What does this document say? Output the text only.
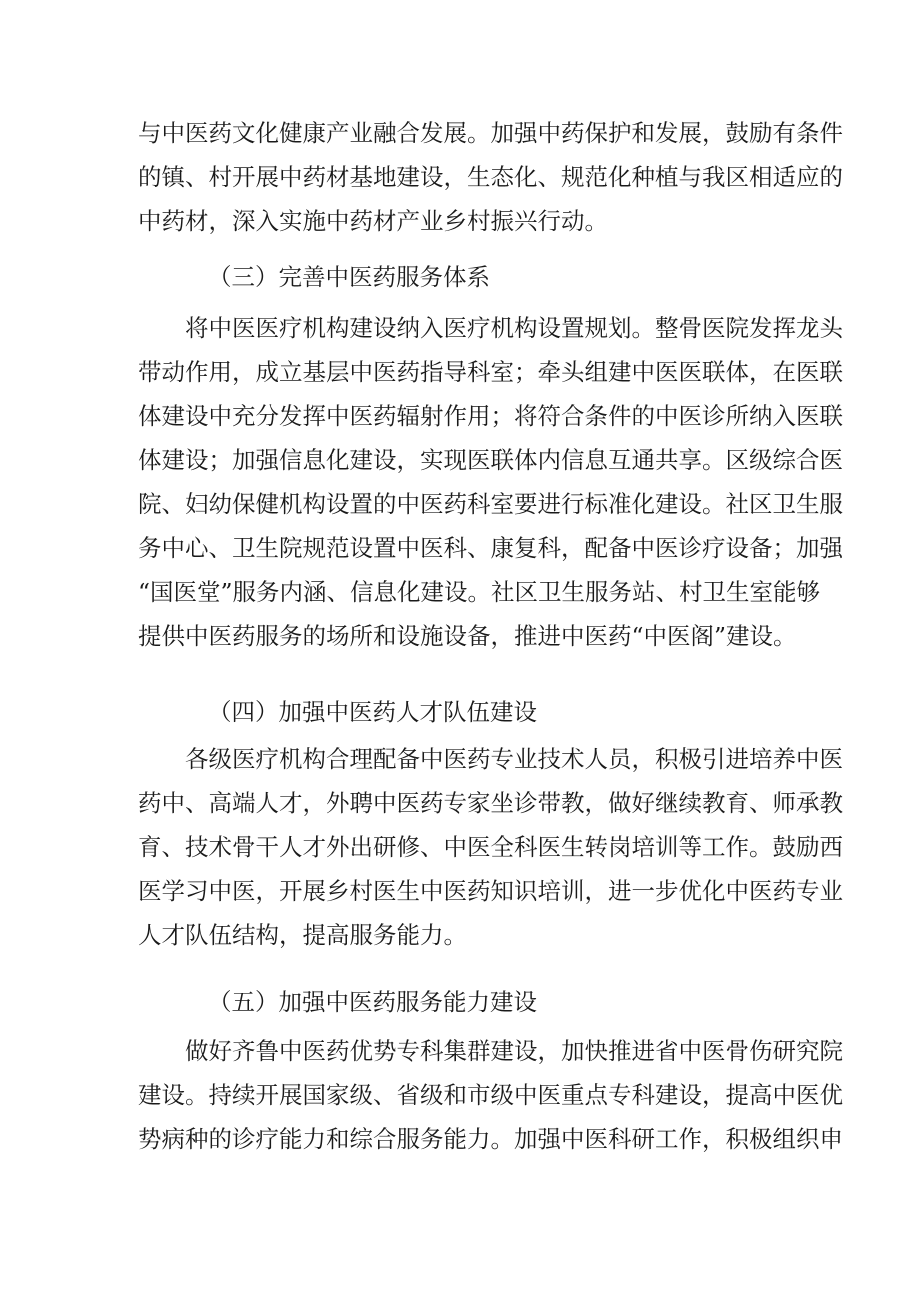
与中医药文化健康产业融合发展。加强中药保护和发展，鼓励有条件
的镇、村开展中药材基地建设，生态化、规范化种植与我区相适应的
中药材，深入实施中药材产业乡村振兴行动。
（三）完善中医药服务体系
将中医医疗机构建设纳入医疗机构设置规划。整骨医院发挥龙头
带动作用，成立基层中医药指导科室；牵头组建中医医联体，在医联
体建设中充分发挥中医药辐射作用；将符合条件的中医诊所纳入医联
体建设；加强信息化建设，实现医联体内信息互通共享。区级综合医
院、妇幼保健机构设置的中医药科室要进行标准化建设。社区卫生服
务中心、卫生院规范设置中医科、康复科，配备中医诊疗设备；加强
“国医堂”服务内涵、信息化建设。社区卫生服务站、村卫生室能够
提供中医药服务的场所和设施设备，推进中医药“中医阁”建设。
（四）加强中医药人才队伍建设
各级医疗机构合理配备中医药专业技术人员，积极引进培养中医
药中、高端人才，外聘中医药专家坐诊带教，做好继续教育、师承教
育、技术骨干人才外出研修、中医全科医生转岗培训等工作。鼓励西
医学习中医，开展乡村医生中医药知识培训，进一步优化中医药专业
人才队伍结构，提高服务能力。
（五）加强中医药服务能力建设
做好齐鲁中医药优势专科集群建设，加快推进省中医骨伤研究院
建设。持续开展国家级、省级和市级中医重点专科建设，提高中医优
势病种的诊疗能力和综合服务能力。加强中医科研工作，积极组织申
